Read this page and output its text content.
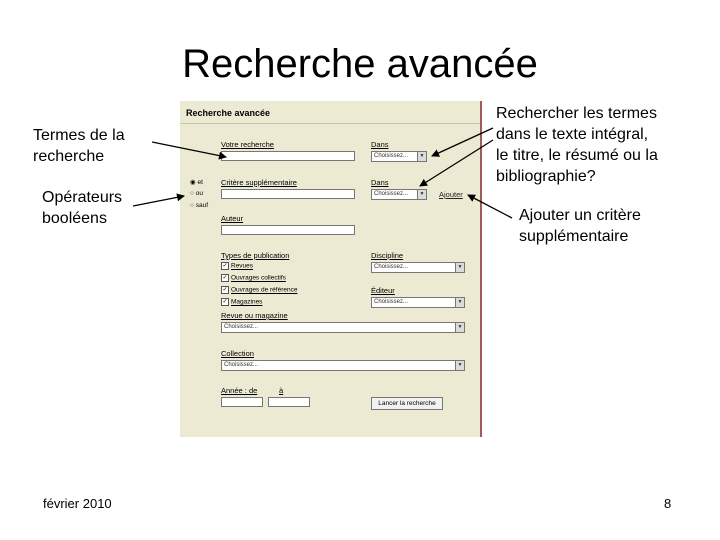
Recherche avancée
Termes de la
recherche
Opérateurs
booléens
Rechercher les termes
dans le texte intégral,
le titre, le résumé ou la
bibliographie?
Ajouter un critère
supplémentaire
Recherche avancée
Votre recherche	Dans
Choisissez...	▼
◉ et
○ ou
○ sauf
Critère supplémentaire	Dans
Choisissez...	▼ Ajouter
Auteur
Types de publication
✓ Revues
✓ Ouvrages collectifs
✓ Ouvrages de référence
✓ Magazines
Discipline
Choisissez...	▼
Éditeur
Choisissez...	▼
Revue ou magazine
Choisissez...	▼
Collection
Choisissez...	▼
Année : de	à
Lancer la recherche
février 2010	8
